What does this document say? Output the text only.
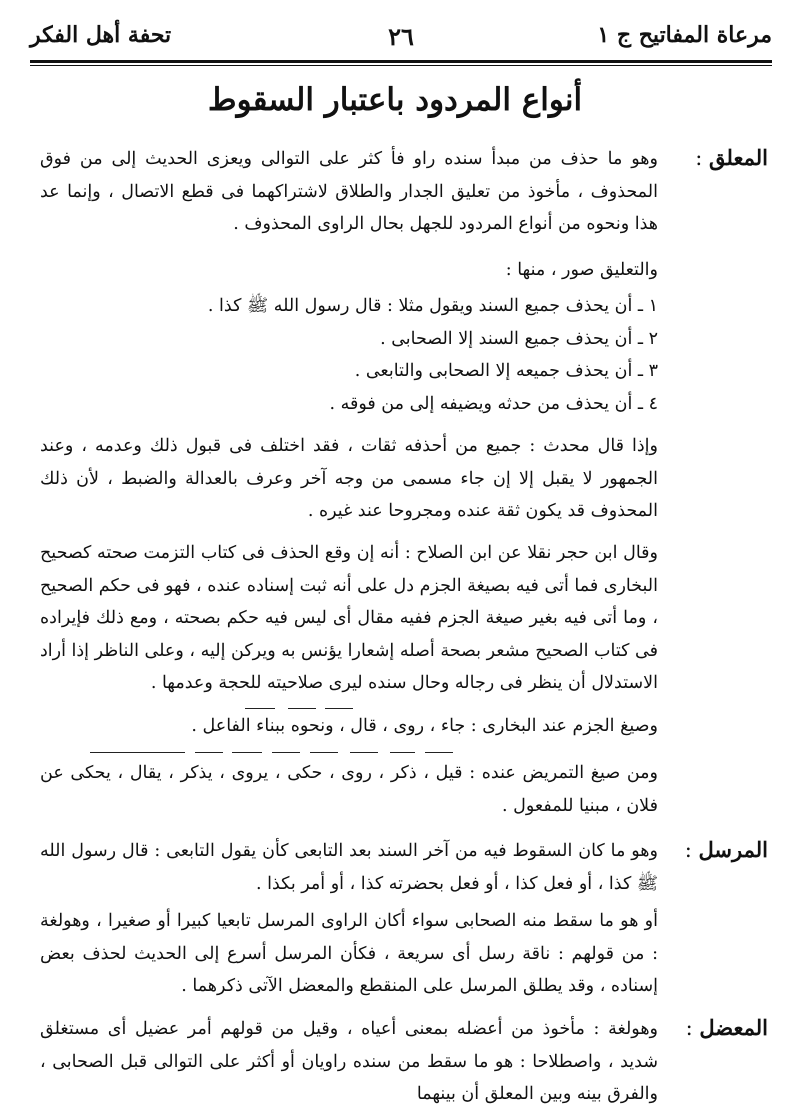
مرعاة المفاتيح ج ١
٢٦
تحفة أهل الفكر
أنواع المردود باعتبار السقوط
المعلق :
وهو ما حذف من مبدأ سنده راو فأ كثر على التوالى ويعزى الحديث إلى من فوق المحذوف ، مأخوذ من تعليق الجدار والطلاق لاشتراكهما فى قطع الاتصال ، وإنما عد هذا ونحوه من أنواع المردود للجهل بحال الراوى المحذوف .
والتعليق صور ، منها :
١ ـ أن يحذف جميع السند ويقول مثلا : قال رسول الله ﷺ كذا .
٢ ـ أن يحذف جميع السند إلا الصحابى .
٣ ـ أن يحذف جميعه إلا الصحابى والتابعى .
٤ ـ أن يحذف من حدثه ويضيفه إلى من فوقه .
وإذا قال محدث : جميع من أحذفه ثقات ، فقد اختلف فى قبول ذلك وعدمه ، وعند الجمهور لا يقبل إلا إن جاء مسمى من وجه آخر وعرف بالعدالة والضبط ، لأن ذلك المحذوف قد يكون ثقة عنده ومجروحا عند غيره .
وقال ابن حجر نقلا عن ابن الصلاح : أنه إن وقع الحذف فى كتاب التزمت صحته كصحيح البخارى فما أتى فيه بصيغة الجزم دل على أنه ثبت إسناده عنده ، فهو فى حكم الصحيح ، وما أتى فيه بغير صيغة الجزم ففيه مقال أى ليس فيه حكم بصحته ، ومع ذلك فإيراده فى كتاب الصحيح مشعر بصحة أصله إشعارا يؤنس به ويركن إليه ، وعلى الناظر إذا أراد الاستدلال أن ينظر فى رجاله وحال سنده ليرى صلاحيته للحجة وعدمها .
وصيغ الجزم عند البخارى : جاء ، روى ، قال ، ونحوه ببناء الفاعل .
ومن صيغ التمريض عنده : قيل ، ذكر ، روى ، حكى ، يروى ، يذكر ، يقال ، يحكى عن فلان ، مبنيا للمفعول .
المرسل :
وهو ما كان السقوط فيه من آخر السند بعد التابعى كأن يقول التابعى : قال رسول الله ﷺ كذا ، أو فعل كذا ، أو فعل بحضرته كذا ، أو أمر بكذا .
أو هو ما سقط منه الصحابى سواء أكان الراوى المرسل تابعيا كبيرا أو صغيرا ، وهولغة : من قولهم : ناقة رسل أى سريعة ، فكأن المرسل أسرع إلى الحديث لحذف بعض إسناده ، وقد يطلق المرسل على المنقطع والمعضل الآتى ذكرهما .
المعضل :
وهولغة : مأخوذ من أعضله بمعنى أعياه ، وقيل من قولهم أمر عضيل أى مستغلق شديد ، واصطلاحا : هو ما سقط من سنده راويان أو أكثر على التوالى قبل الصحابى ، والفرق بينه وبين المعلق أن بينهما
